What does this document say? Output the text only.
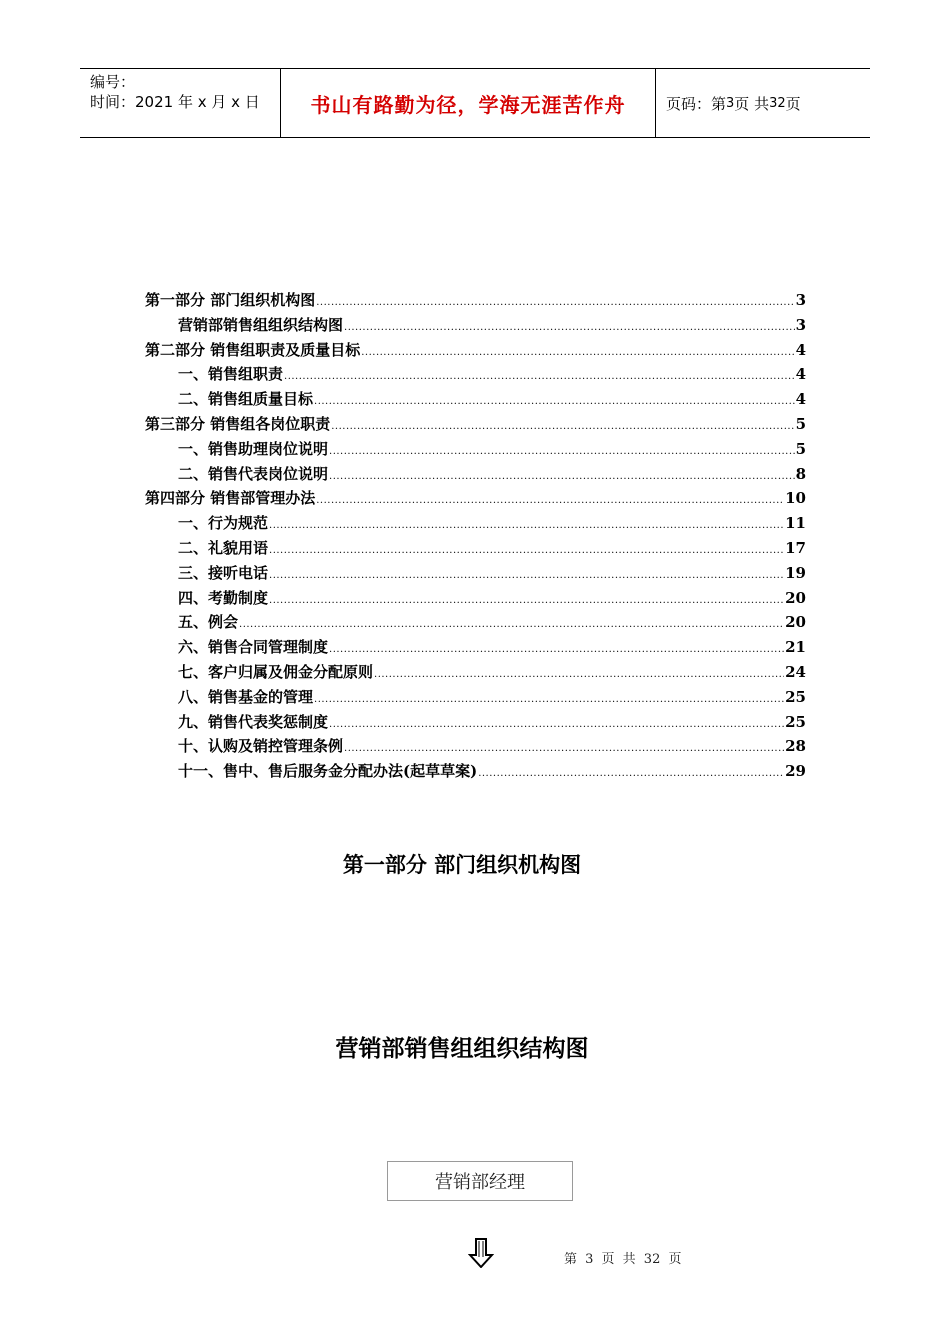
编号：
时间：2021 年 x 月 x 日	书山有路勤为径，学海无涯苦作舟	页码：第 3 页 共 32 页
第一部分 部门组织机构图 .....	3
营销部销售组组织结构图 .....	3
第二部分 销售组职责及质量目标 .....	4
一、销售组职责 .....	4
二、销售组质量目标 .....	4
第三部分 销售组各岗位职责 .....	5
一、销售助理岗位说明 .....	5
二、销售代表岗位说明 .....	8
第四部分 销售部管理办法 .....	10
一、行为规范 .....	11
二、礼貌用语 .....	17
三、接听电话 .....	19
四、考勤制度 .....	20
五、例会 .....	20
六、销售合同管理制度 .....	21
七、客户归属及佣金分配原则 .....	24
八、销售基金的管理 .....	25
九、销售代表奖惩制度 .....	25
十、认购及销控管理条例 .....	28
十一、售中、售后服务金分配办法(起草草案) .....	29
第一部分 部门组织机构图
营销部销售组组织结构图
营销部经理
第 3 页 共 32 页
